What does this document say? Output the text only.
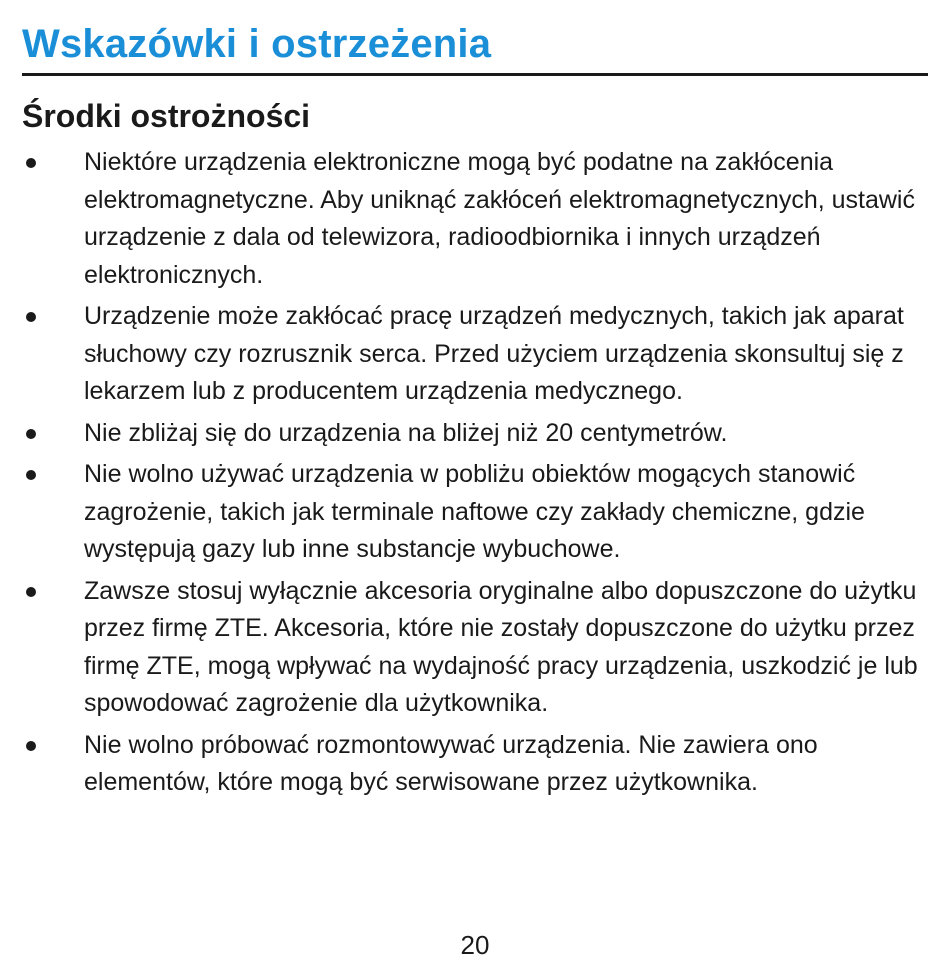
Wskazówki i ostrzeżenia
Środki ostrożności
Niektóre urządzenia elektroniczne mogą być podatne na zakłócenia elektromagnetyczne. Aby uniknąć zakłóceń elektromagnetycznych, ustawić urządzenie z dala od telewizora, radioodbiornika i innych urządzeń elektronicznych.
Urządzenie może zakłócać pracę urządzeń medycznych, takich jak aparat słuchowy czy rozrusznik serca. Przed użyciem urządzenia skonsultuj się z lekarzem lub z producentem urządzenia medycznego.
Nie zbliżaj się do urządzenia na bliżej niż 20 centymetrów.
Nie wolno używać urządzenia w pobliżu obiektów mogących stanowić zagrożenie, takich jak terminale naftowe czy zakłady chemiczne, gdzie występują gazy lub inne substancje wybuchowe.
Zawsze stosuj wyłącznie akcesoria oryginalne albo dopuszczone do użytku przez firmę ZTE. Akcesoria, które nie zostały dopuszczone do użytku przez firmę ZTE, mogą wpływać na wydajność pracy urządzenia, uszkodzić je lub spowodować zagrożenie dla użytkownika.
Nie wolno próbować rozmontowywać urządzenia. Nie zawiera ono elementów, które mogą być serwisowane przez użytkownika.
20
